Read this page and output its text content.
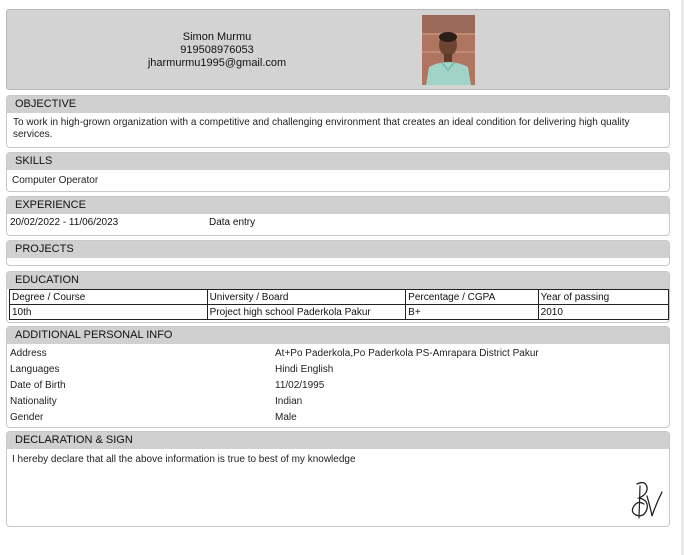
Simon Murmu
919508976053
jharmurmu1995@gmail.com
OBJECTIVE
To work in high-grown organization with a competitive and challenging environment that creates an ideal condition for delivering high quality services.
SKILLS
Computer Operator
EXPERIENCE
20/02/2022 - 11/06/2023	Data entry
PROJECTS
EDUCATION
Degree / Course	University / Board	Percentage / CGPA	Year of passing
10th	Project high school Paderkola Pakur	B+	2010
ADDITIONAL PERSONAL INFO
Address	At+Po Paderkola,Po Paderkola PS-Amrapara District Pakur
Languages	Hindi English
Date of Birth	11/02/1995
Nationality	Indian
Gender	Male
DECLARATION & SIGN
I hereby declare that all the above information is true to best of my knowledge
